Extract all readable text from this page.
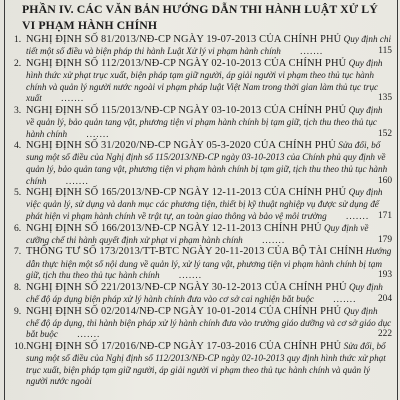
PHẦN IV. CÁC VĂN BẢN HƯỚNG DẪN THI HÀNH LUẬT XỬ LÝ VI PHẠM HÀNH CHÍNH
1. NGHỊ ĐỊNH SỐ 81/2013/NĐ-CP NGÀY 19-07-2013 CỦA CHÍNH PHỦ Quy định chi tiết một số điều và biện pháp thi hành Luật Xử lý vi phạm hành chính .......	115
2. NGHỊ ĐỊNH SỐ 112/2013/NĐ-CP NGÀY 02-10-2013 CỦA CHÍNH PHỦ Quy định hình thức xử phạt trục xuất, biện pháp tạm giữ người, áp giải người vi phạm theo thủ tục hành chính và quản lý người nước ngoài vi phạm pháp luật Việt Nam trong thời gian làm thủ tục trục xuất .......	135
3. NGHỊ ĐỊNH SỐ 115/2013/NĐ-CP NGÀY 03-10-2013 CỦA CHÍNH PHỦ Quy định về quản lý, bảo quản tang vật, phương tiện vi phạm hành chính bị tạm giữ, tịch thu theo thủ tục hành chính .......	152
4. NGHỊ ĐỊNH SỐ 31/2020/NĐ-CP NGÀY 05-3-2020 CỦA CHÍNH PHỦ Sửa đổi, bổ sung một số điều của Nghị định số 115/2013/NĐ-CP ngày 03-10-2013 của Chính phủ quy định về quản lý, bảo quản tang vật, phương tiện vi phạm hành chính bị tạm giữ, tịch thu theo thủ tục hành chính .......	160
5. NGHỊ ĐỊNH SỐ 165/2013/NĐ-CP NGÀY 12-11-2013 CỦA CHÍNH PHỦ Quy định việc quản lý, sử dụng và danh mục các phương tiện, thiết bị kỹ thuật nghiệp vụ được sử dụng để phát hiện vi phạm hành chính về trật tự, an toàn giao thông và bảo vệ môi trường ....... 171
6. NGHỊ ĐỊNH SỐ 166/2013/NĐ-CP NGÀY 12-11-2013 CHÍNH PHỦ Quy định về cưỡng chế thi hành quyết định xử phạt vi phạm hành chính .......	179
7. THÔNG TƯ SỐ 173/2013/TT-BTC NGÀY 20-11-2013 CỦA BỘ TÀI CHÍNH Hướng dẫn thực hiện một số nội dung về quản lý, xử lý tang vật, phương tiện vi phạm hành chính bị tạm giữ, tịch thu theo thủ tục hành chính .......	193
8. NGHỊ ĐỊNH SỐ 221/2013/NĐ-CP NGÀY 30-12-2013 CỦA CHÍNH PHỦ Quy định chế độ áp dụng biện pháp xử lý hành chính đưa vào cơ sở cai nghiện bắt buộc ....... 204
9. NGHỊ ĐỊNH SỐ 02/2014/NĐ-CP NGÀY 10-01-2014 CỦA CHÍNH PHỦ Quy định chế độ áp dụng, thi hành biện pháp xử lý hành chính đưa vào trường giáo dưỡng và cơ sở giáo dục bắt buộc .......	222
10. NGHỊ ĐỊNH SỐ 17/2016/NĐ-CP NGÀY 17-03-2016 CỦA CHÍNH PHỦ Sửa đổi, bổ sung một số điều của Nghị định số 112/2013/NĐ-CP ngày 02-10-2013 quy định hình thức xử phạt trục xuất, biện pháp tạm giữ người, áp giải người vi phạm theo thủ tục hành chính và quản lý người nước ngoài
